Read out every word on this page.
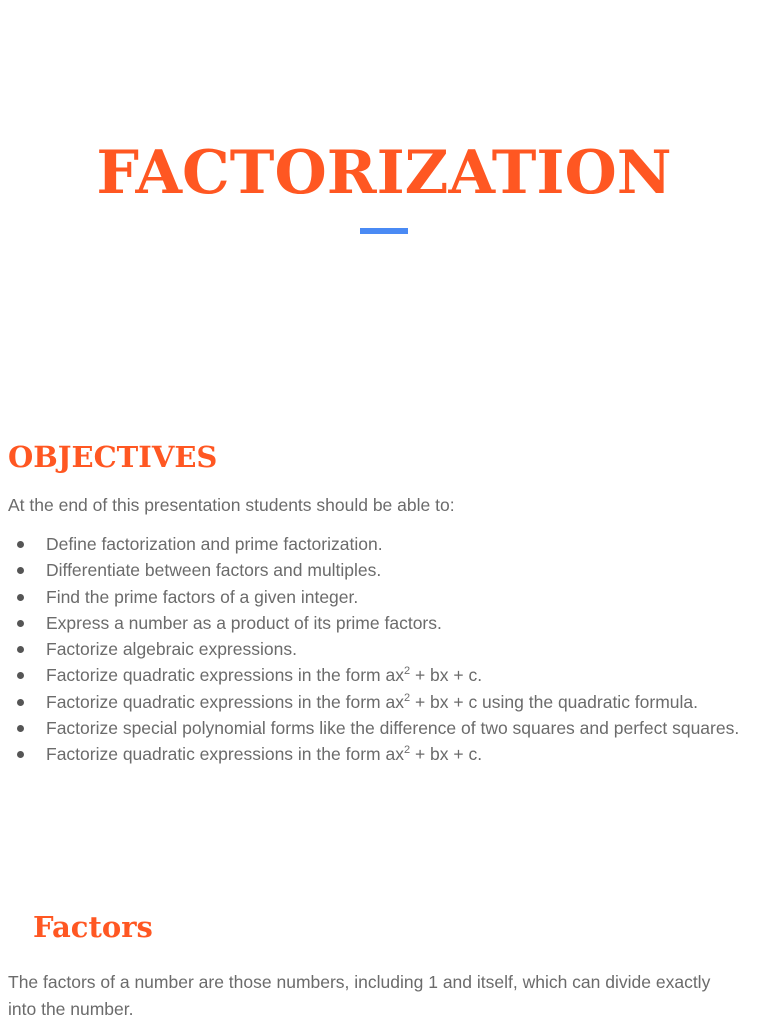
FACTORIZATION
OBJECTIVES

At the end of this presentation students should be able to:

Define factorization and prime factorization.
Differentiate between factors and multiples.
Find the prime factors of a given integer.
Express a number as a product of its prime factors.
Factorize algebraic expressions.
Factorize quadratic expressions in the form $ax^2$ + bx + c.
Factorize quadratic expressions in the form $ax^2$ + bx + c using the quadratic formula.
Factorize special polynomial forms like the difference of two squares and perfect squares.
Factorize quadratic expressions in the form $ax^2$ + bx + c.
Factors

The factors of a number are those numbers, including 1 and itself, which can divide exactly into the number.
